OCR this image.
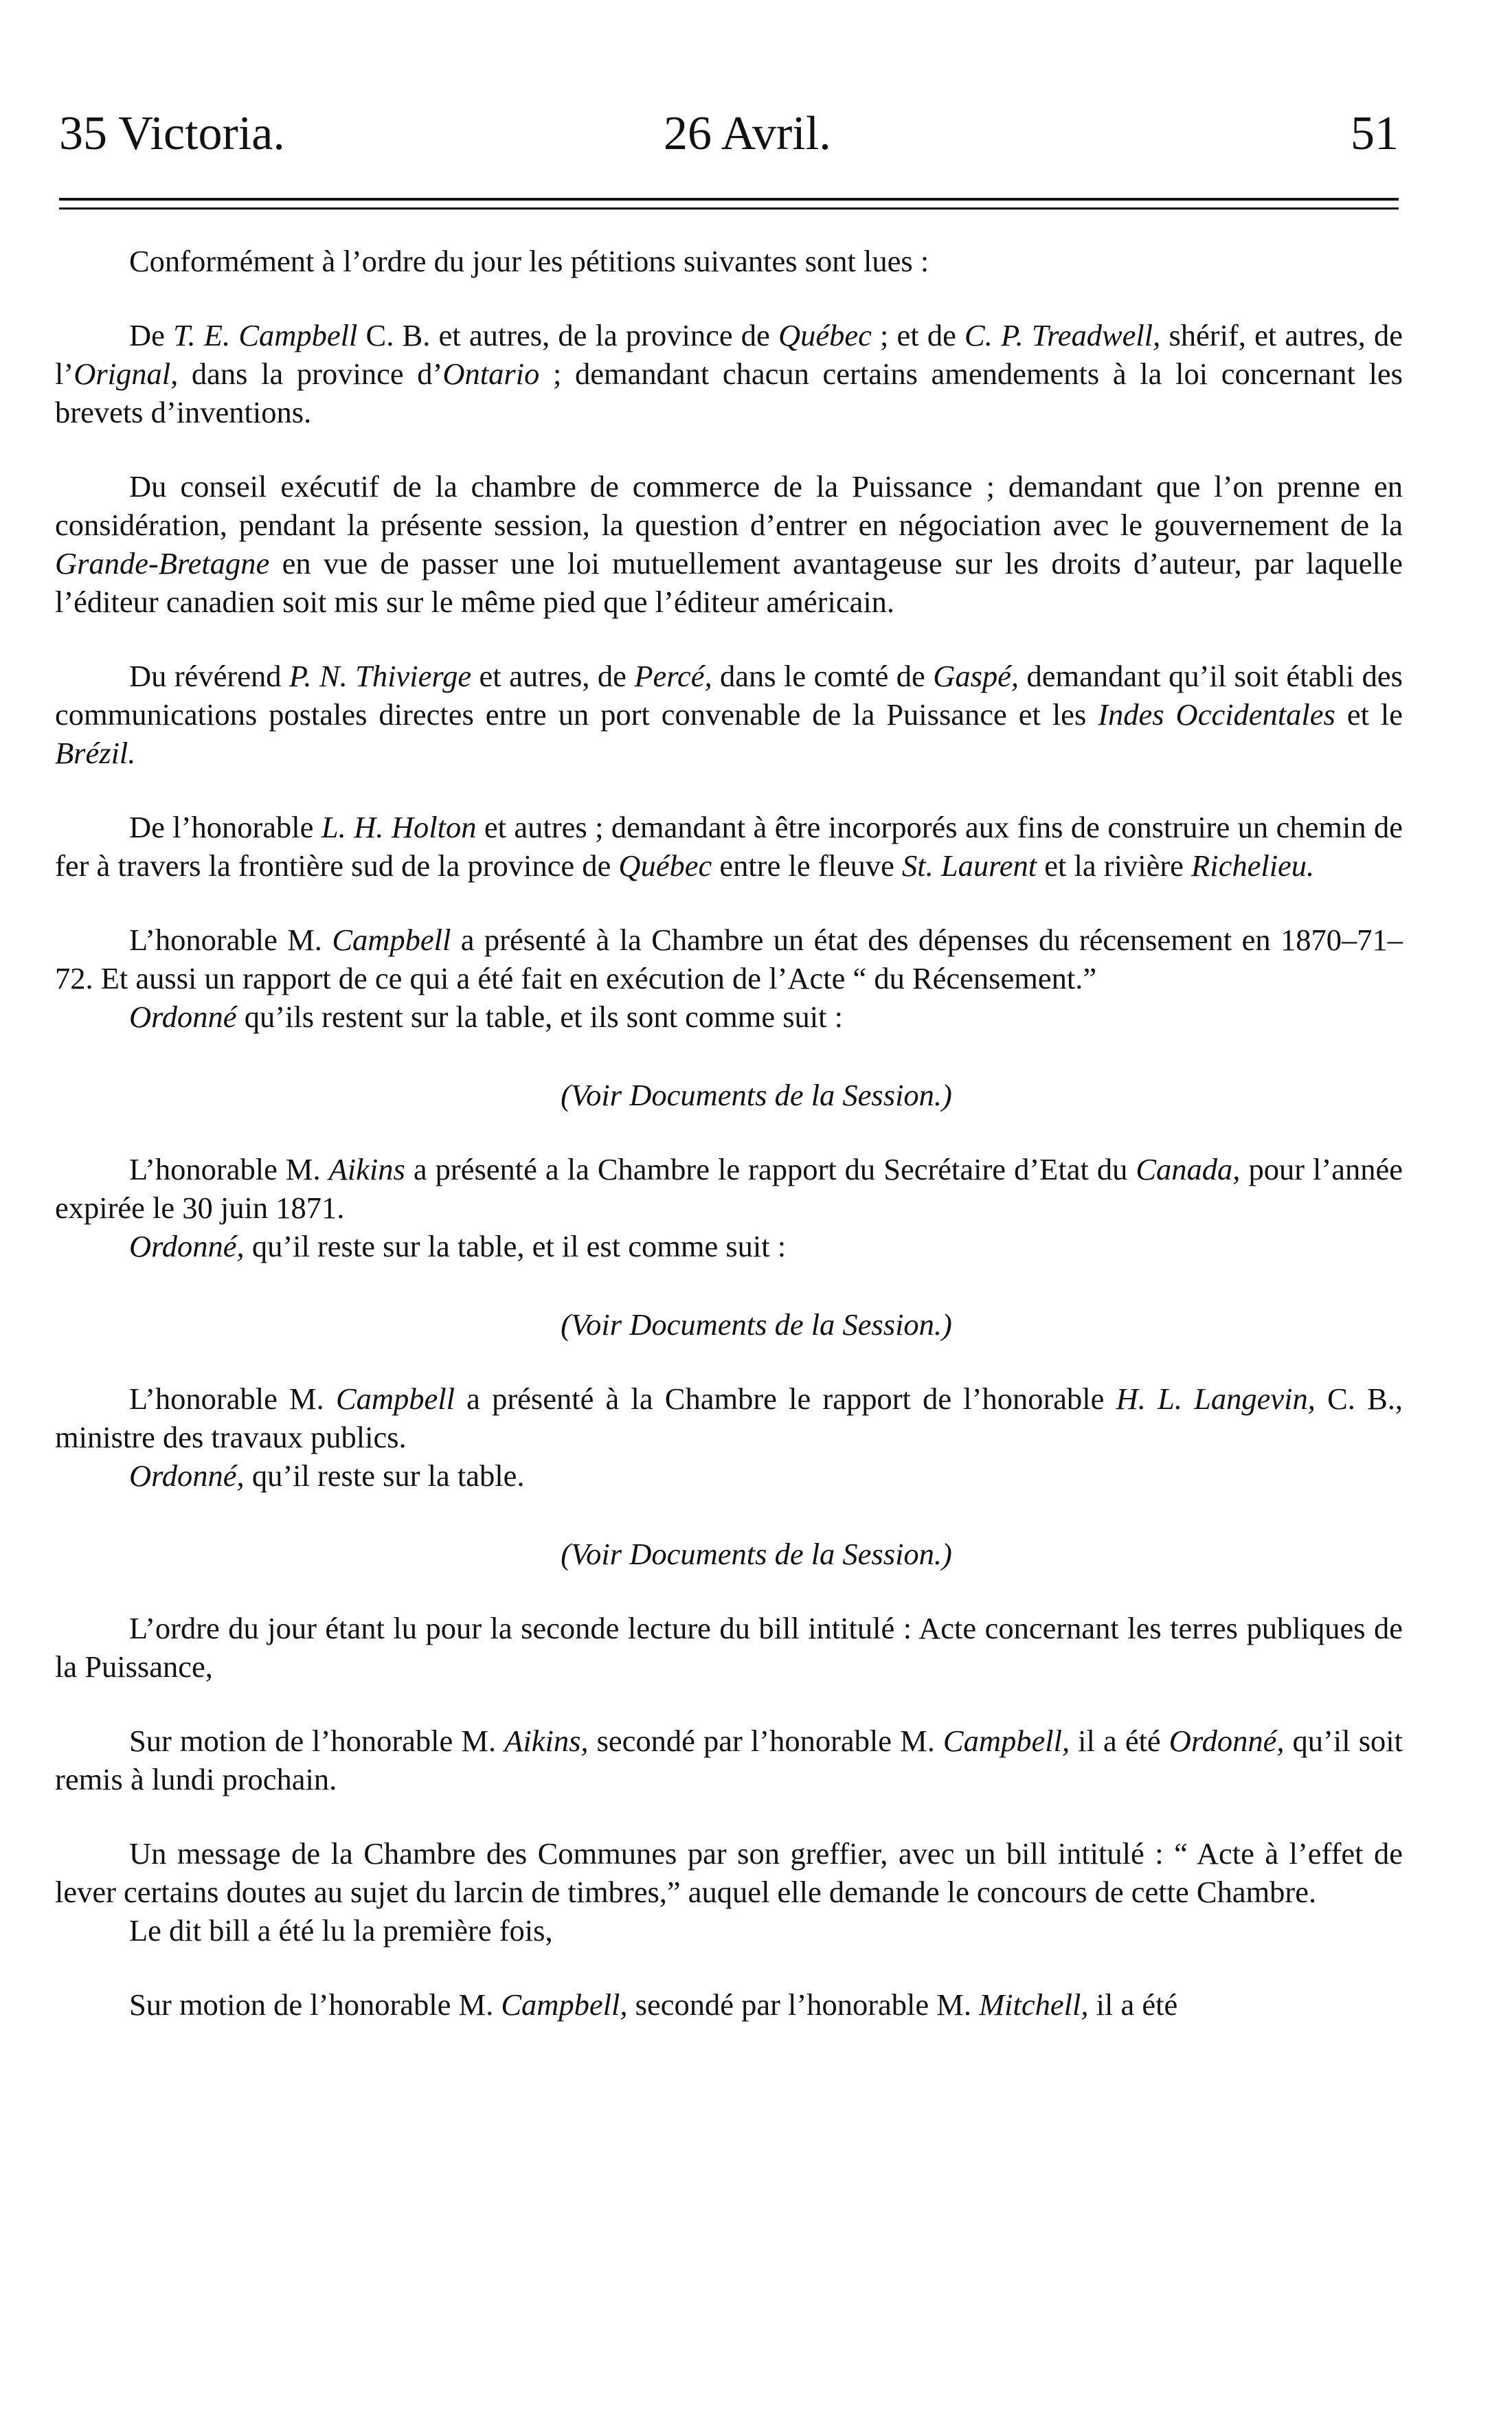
35 Victoria.	26 Avril.	51

Conformément à l’ordre du jour les pétitions suivantes sont lues :

De T. E. Campbell C. B. et autres, de la province de Québec ; et de C. P. Treadwell, shérif, et autres, de l’Orignal, dans la province d’Ontario ; demandant chacun certains amendements à la loi concernant les brevets d’inventions.

Du conseil exécutif de la chambre de commerce de la Puissance ; demandant que l’on prenne en considération, pendant la présente session, la question d’entrer en négociation avec le gouvernement de la Grande-Bretagne en vue de passer une loi mutuellement avantageuse sur les droits d’auteur, par laquelle l’éditeur canadien soit mis sur le même pied que l’éditeur américain.

Du révérend P. N. Thivierge et autres, de Percé, dans le comté de Gaspé, demandant qu’il soit établi des communications postales directes entre un port convenable de la Puissance et les Indes Occidentales et le Brézil.

De l’honorable L. H. Holton et autres ; demandant à être incorporés aux fins de construire un chemin de fer à travers la frontière sud de la province de Québec entre le fleuve St. Laurent et la rivière Richelieu.

L’honorable M. Campbell a présenté à la Chambre un état des dépenses du récensement en 1870–71–72. Et aussi un rapport de ce qui a été fait en exécution de l’Acte “ du Récensement.”

Ordonné qu’ils restent sur la table, et ils sont comme suit :

(Voir Documents de la Session.)

L’honorable M. Aikins a présenté a la Chambre le rapport du Secrétaire d’Etat du Canada, pour l’année expirée le 30 juin 1871.

Ordonné, qu’il reste sur la table, et il est comme suit :

(Voir Documents de la Session.)

L’honorable M. Campbell a présenté à la Chambre le rapport de l’honorable H. L. Langevin, C. B., ministre des travaux publics.

Ordonné, qu’il reste sur la table.

(Voir Documents de la Session.)

L’ordre du jour étant lu pour la seconde lecture du bill intitulé : Acte concernant les terres publiques de la Puissance,

Sur motion de l’honorable M. Aikins, secondé par l’honorable M. Campbell, il a été Ordonné, qu’il soit remis à lundi prochain.

Un message de la Chambre des Communes par son greffier, avec un bill intitulé : “ Acte à l’effet de lever certains doutes au sujet du larcin de timbres,” auquel elle demande le concours de cette Chambre.

Le dit bill a été lu la première fois,

Sur motion de l’honorable M. Campbell, secondé par l’honorable M. Mitchell, il a été
